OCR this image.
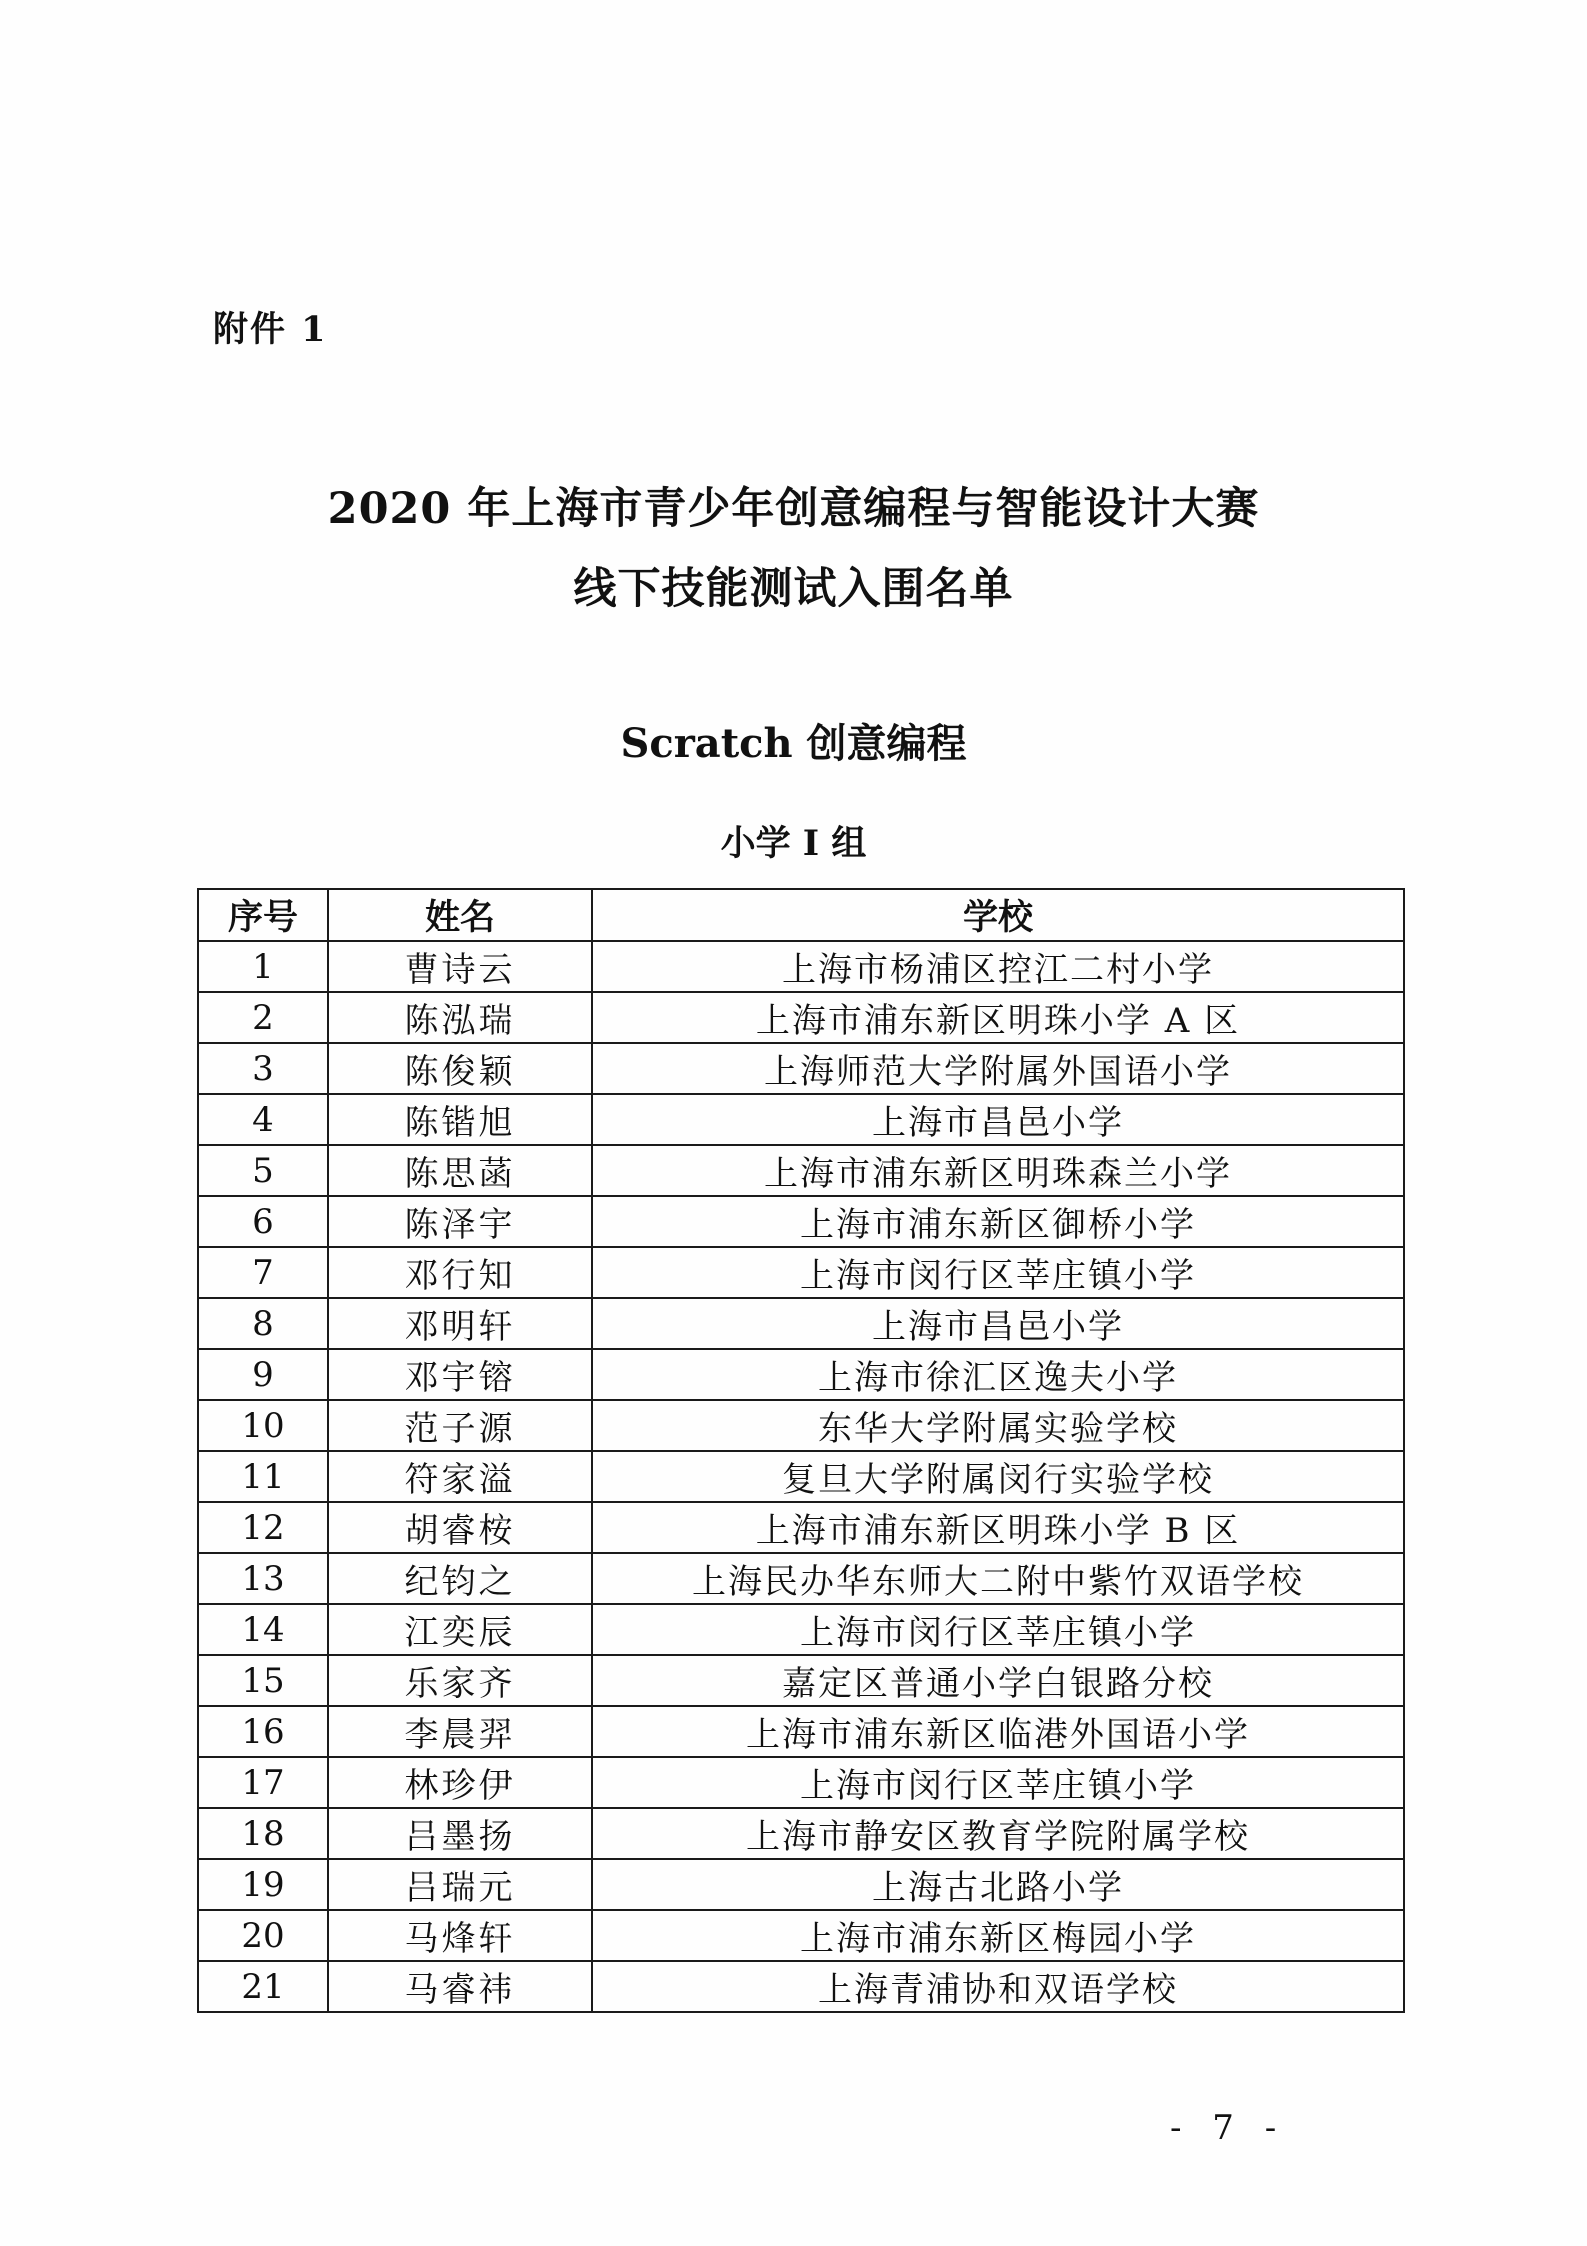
附件 1
2020 年上海市青少年创意编程与智能设计大赛
线下技能测试入围名单
Scratch 创意编程
小学 I 组
序号	姓名	学校
1	曹诗云	上海市杨浦区控江二村小学
2	陈泓瑞	上海市浦东新区明珠小学 A 区
3	陈俊颖	上海师范大学附属外国语小学
4	陈锴旭	上海市昌邑小学
5	陈思菡	上海市浦东新区明珠森兰小学
6	陈泽宇	上海市浦东新区御桥小学
7	邓行知	上海市闵行区莘庄镇小学
8	邓明轩	上海市昌邑小学
9	邓宇镕	上海市徐汇区逸夫小学
10	范子源	东华大学附属实验学校
11	符家溢	复旦大学附属闵行实验学校
12	胡睿桉	上海市浦东新区明珠小学 B 区
13	纪钧之	上海民办华东师大二附中紫竹双语学校
14	江奕辰	上海市闵行区莘庄镇小学
15	乐家齐	嘉定区普通小学白银路分校
16	李晨羿	上海市浦东新区临港外国语小学
17	林珍伊	上海市闵行区莘庄镇小学
18	吕墨扬	上海市静安区教育学院附属学校
19	吕瑞元	上海古北路小学
20	马烽轩	上海市浦东新区梅园小学
21	马睿祎	上海青浦协和双语学校
- 7 -
